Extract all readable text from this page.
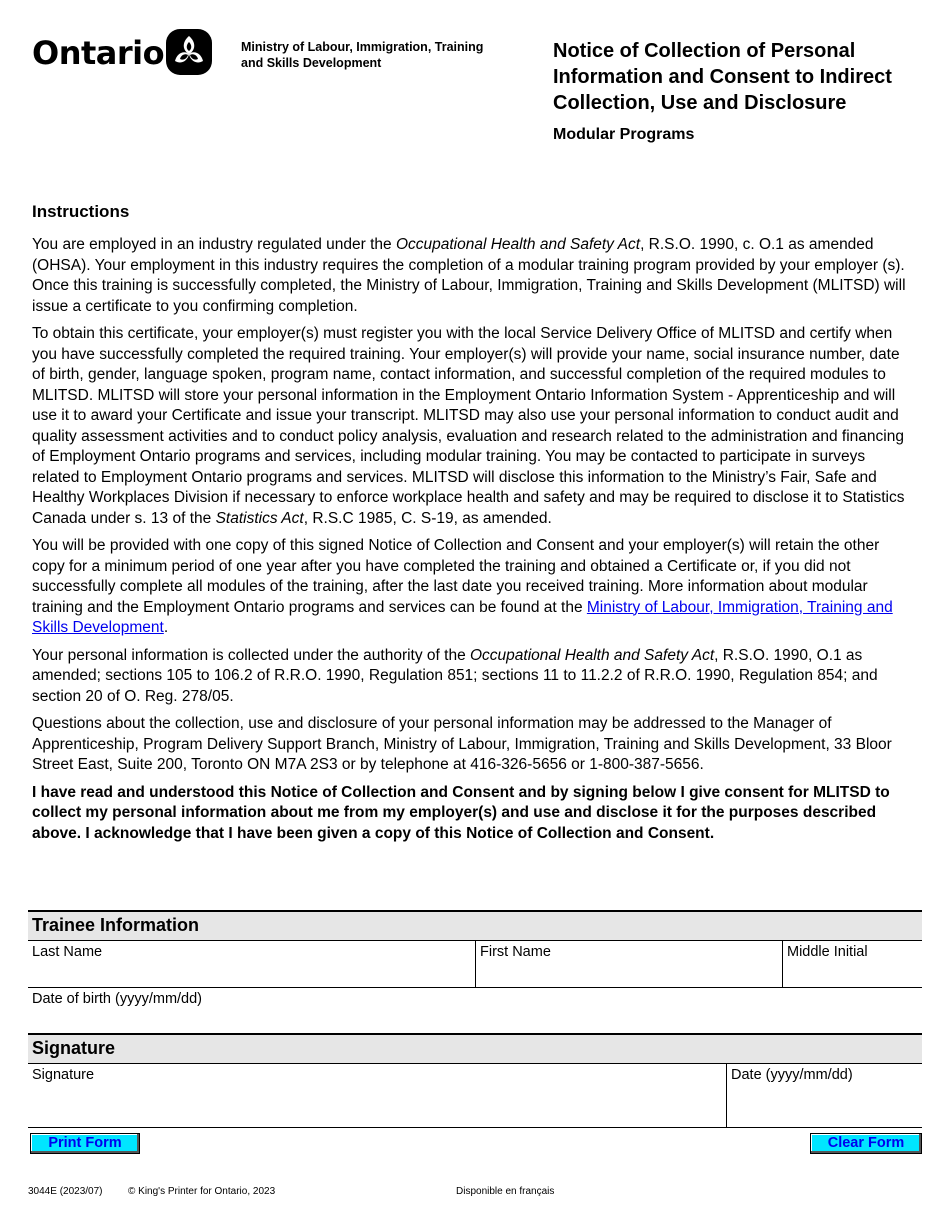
Ontario	Ministry of Labour, Immigration, Training and Skills Development
Notice of Collection of Personal Information and Consent to Indirect Collection, Use and Disclosure
Modular Programs
Instructions

You are employed in an industry regulated under the Occupational Health and Safety Act, R.S.O. 1990, c. O.1 as amended (OHSA). Your employment in this industry requires the completion of a modular training program provided by your employer (s). Once this training is successfully completed, the Ministry of Labour, Immigration, Training and Skills Development (MLITSD) will issue a certificate to you confirming completion.

To obtain this certificate, your employer(s) must register you with the local Service Delivery Office of MLITSD and certify when you have successfully completed the required training. Your employer(s) will provide your name, social insurance number, date of birth, gender, language spoken, program name, contact information, and successful completion of the required modules to MLITSD. MLITSD will store your personal information in the Employment Ontario Information System - Apprenticeship and will use it to award your Certificate and issue your transcript. MLITSD may also use your personal information to conduct audit and quality assessment activities and to conduct policy analysis, evaluation and research related to the administration and financing of Employment Ontario programs and services, including modular training. You may be contacted to participate in surveys related to Employment Ontario programs and services. MLITSD will disclose this information to the Ministry’s Fair, Safe and Healthy Workplaces Division if necessary to enforce workplace health and safety and may be required to disclose it to Statistics Canada under s. 13 of the Statistics Act, R.S.C 1985, C. S-19, as amended.

You will be provided with one copy of this signed Notice of Collection and Consent and your employer(s) will retain the other copy for a minimum period of one year after you have completed the training and obtained a Certificate or, if you did not successfully complete all modules of the training, after the last date you received training. More information about modular training and the Employment Ontario programs and services can be found at the Ministry of Labour, Immigration, Training and Skills Development.

Your personal information is collected under the authority of the Occupational Health and Safety Act, R.S.O. 1990, O.1 as amended; sections 105 to 106.2 of R.R.O. 1990, Regulation 851; sections 11 to 11.2.2 of R.R.O. 1990, Regulation 854; and section 20 of O. Reg. 278/05.

Questions about the collection, use and disclosure of your personal information may be addressed to the Manager of Apprenticeship, Program Delivery Support Branch, Ministry of Labour, Immigration, Training and Skills Development, 33 Bloor Street East, Suite 200, Toronto ON M7A 2S3 or by telephone at 416-326-5656 or 1-800-387-5656.

I have read and understood this Notice of Collection and Consent and by signing below I give consent for MLITSD to collect my personal information about me from my employer(s) and use and disclose it for the purposes described above. I acknowledge that I have been given a copy of this Notice of Collection and Consent.

Trainee Information
Last Name	First Name	Middle Initial
Date of birth (yyyy/mm/dd)
Signature
Signature	Date (yyyy/mm/dd)
Print Form	Clear Form
3044E (2023/07)	© King's Printer for Ontario, 2023	Disponible en français
